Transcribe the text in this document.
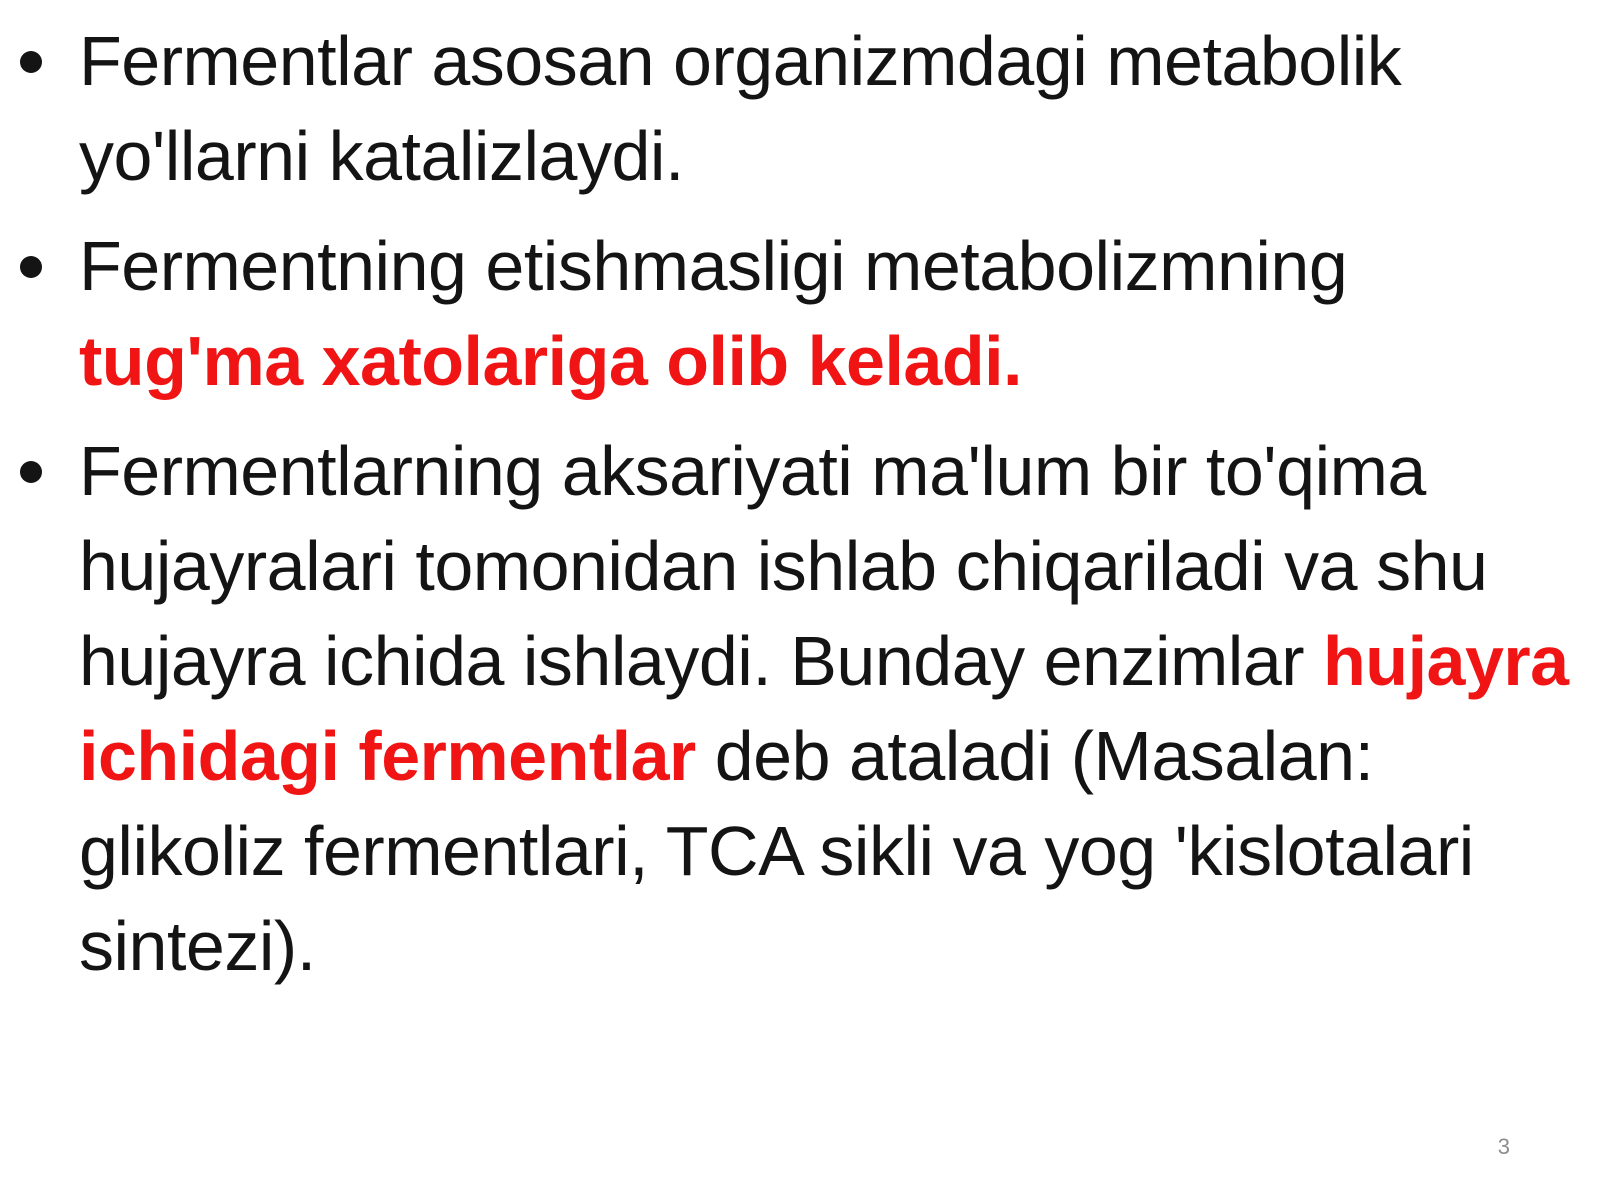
Fermentlar asosan organizmdagi metabolik yo'llarni katalizlaydi.
Fermentning etishmasligi metabolizmning tug'ma xatolariga olib keladi.
Fermentlarning aksariyati ma'lum bir to'qima hujayralari tomonidan ishlab chiqariladi va shu hujayra ichida ishlaydi. Bunday enzimlar hujayra ichidagi fermentlar deb ataladi (Masalan: glikoliz fermentlari, TCA sikli va yog 'kislotalari sintezi).
3
